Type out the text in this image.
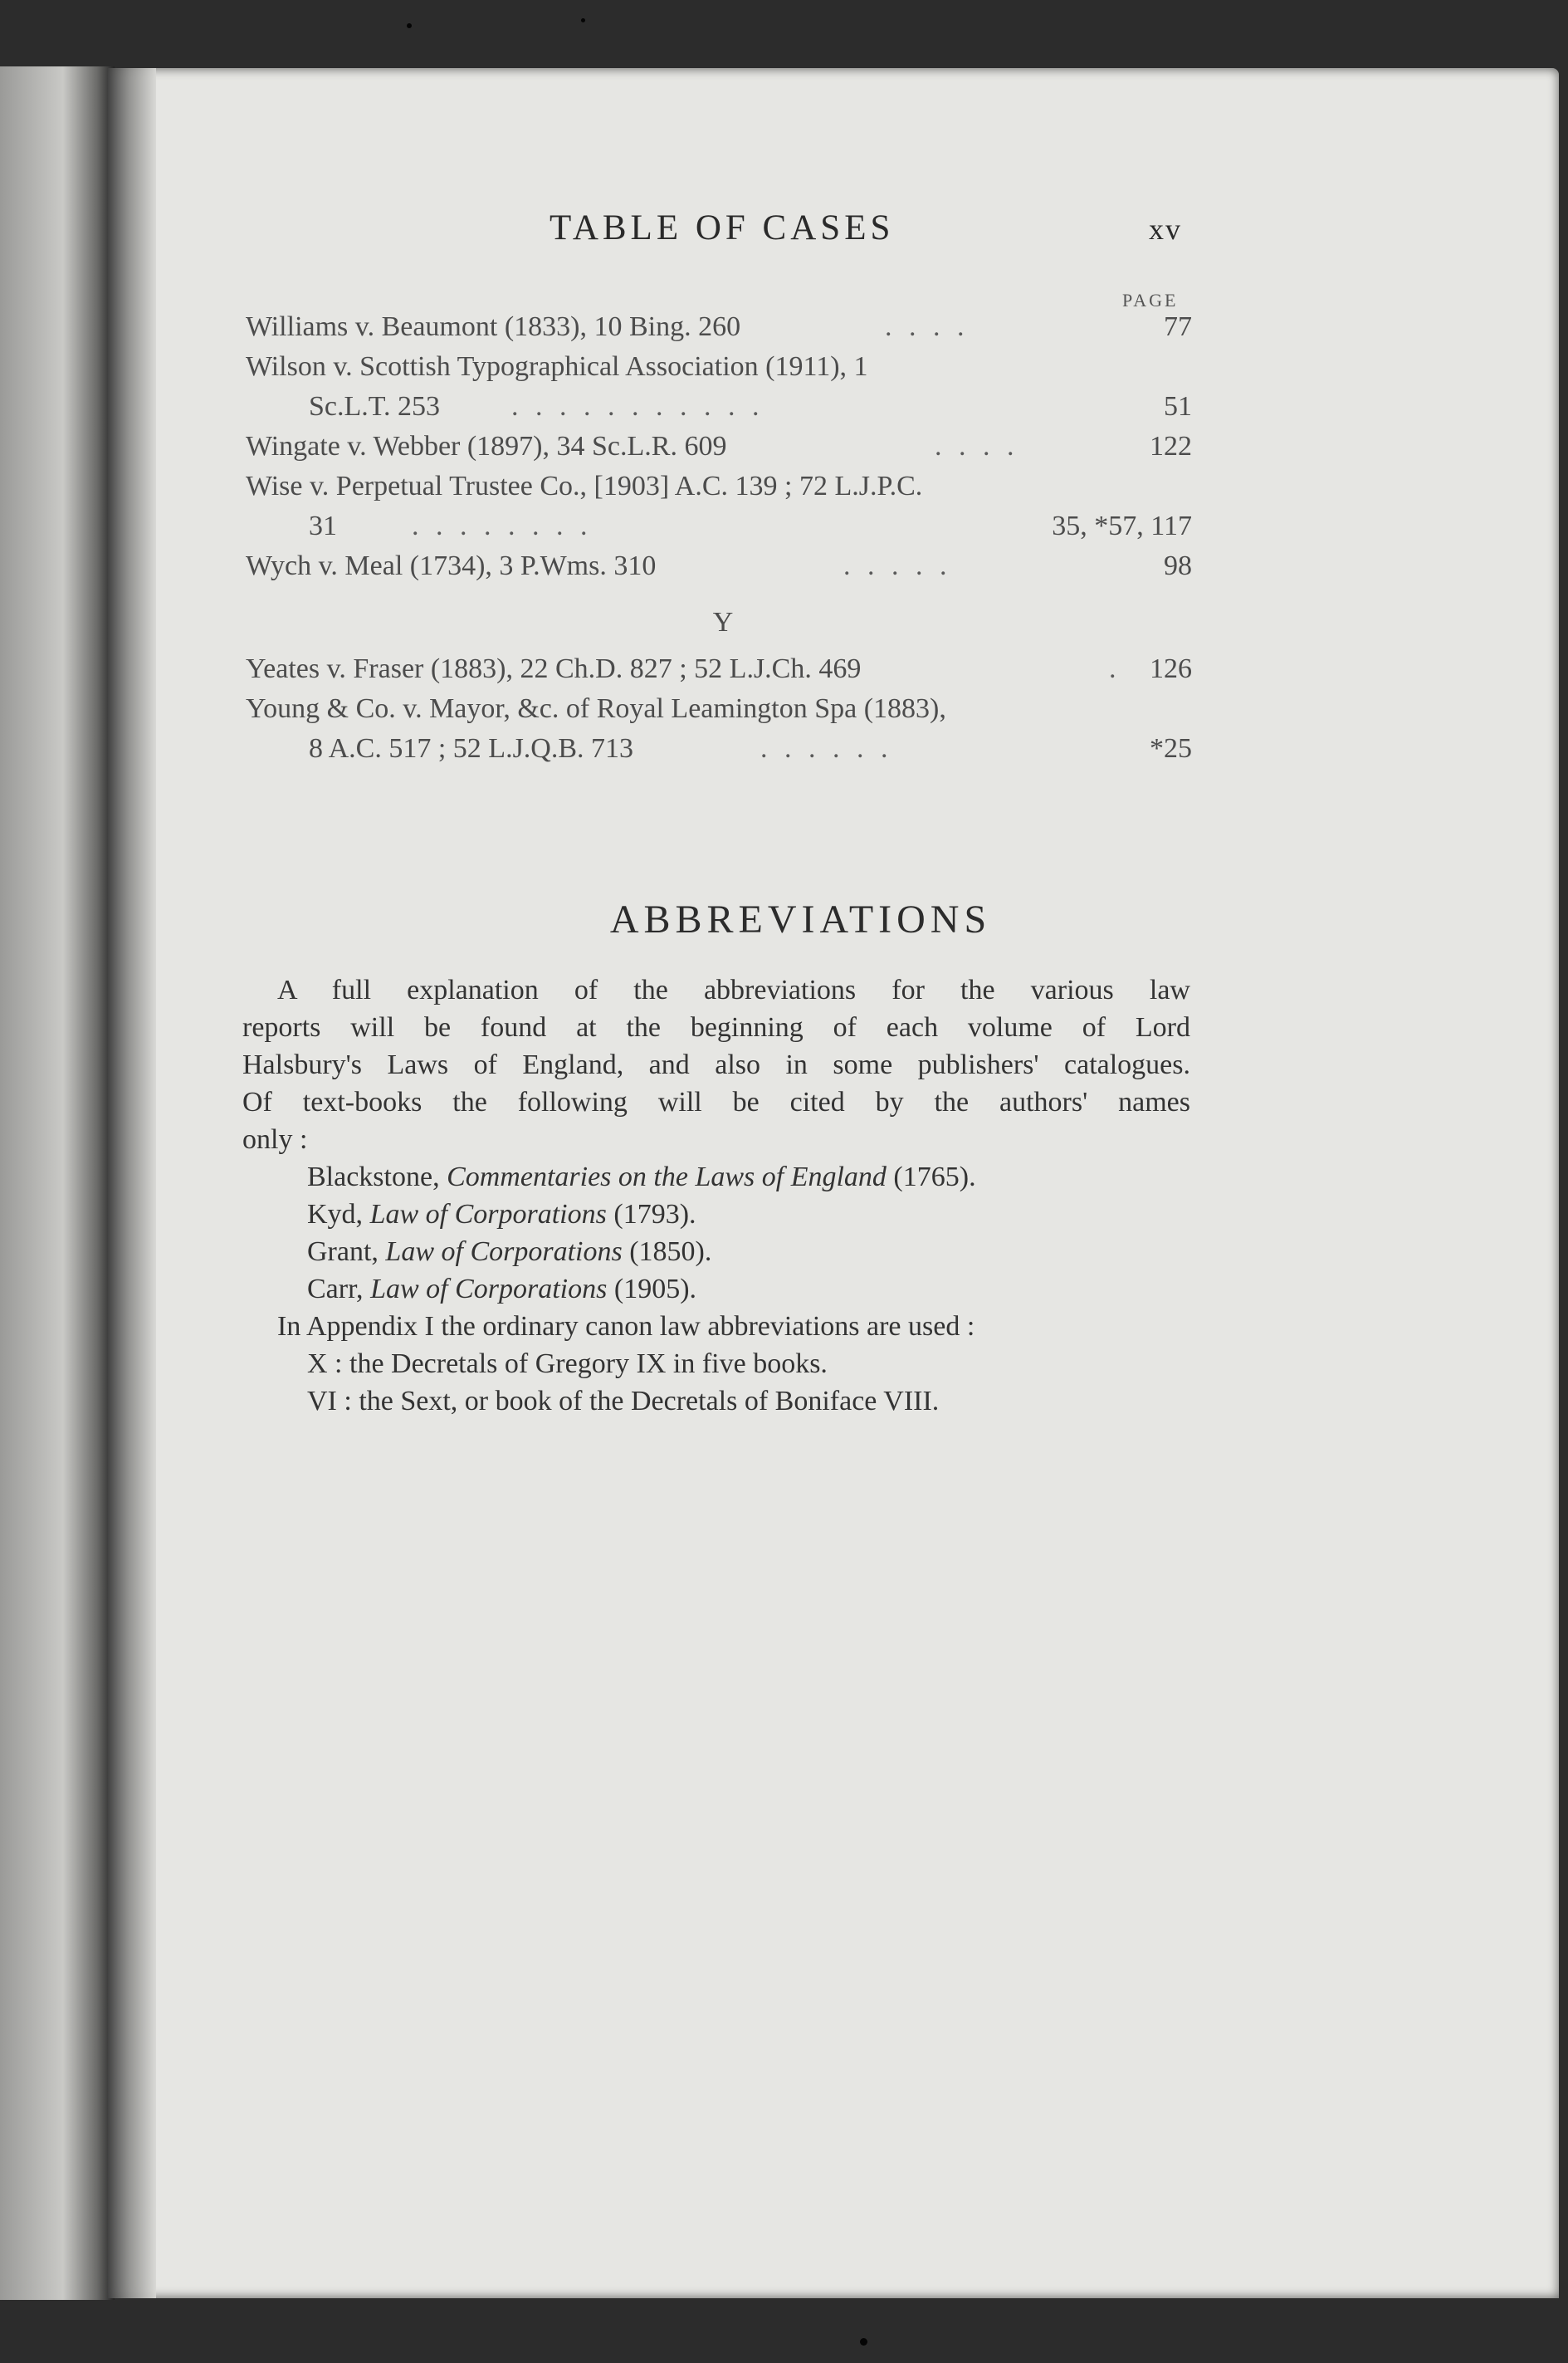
TABLE OF CASES	xv
PAGE
Williams v. Beaumont (1833), 10 Bing. 260	. . . .	77
Wilson v. Scottish Typographical Association (1911), 1
Sc.L.T. 253	. . . . . . . . . . .	51
Wingate v. Webber (1897), 34 Sc.L.R. 609	. . . .	122
Wise v. Perpetual Trustee Co., [1903] A.C. 139 ; 72 L.J.P.C.
31	. . . . . . . .	35, *57, 117
Wych v. Meal (1734), 3 P.Wms. 310	. . . . .	98
Y
Yeates v. Fraser (1883), 22 Ch.D. 827 ; 52 L.J.Ch. 469	. 126
Young & Co. v. Mayor, &c. of Royal Leamington Spa (1883),
8 A.C. 517 ; 52 L.J.Q.B. 713	. . . . . .	*25
ABBREVIATIONS

A full explanation of the abbreviations for the various law

reports will be found at the beginning of each volume of Lord

Halsbury's Laws of England, and also in some publishers' catalogues.

Of text-books the following will be cited by the authors' names

only :

Blackstone, Commentaries on the Laws of England (1765).
Kyd, Law of Corporations (1793).
Grant, Law of Corporations (1850).
Carr, Law of Corporations (1905).
In Appendix I the ordinary canon law abbreviations are used :
X : the Decretals of Gregory IX in five books.
VI : the Sext, or book of the Decretals of Boniface VIII.
